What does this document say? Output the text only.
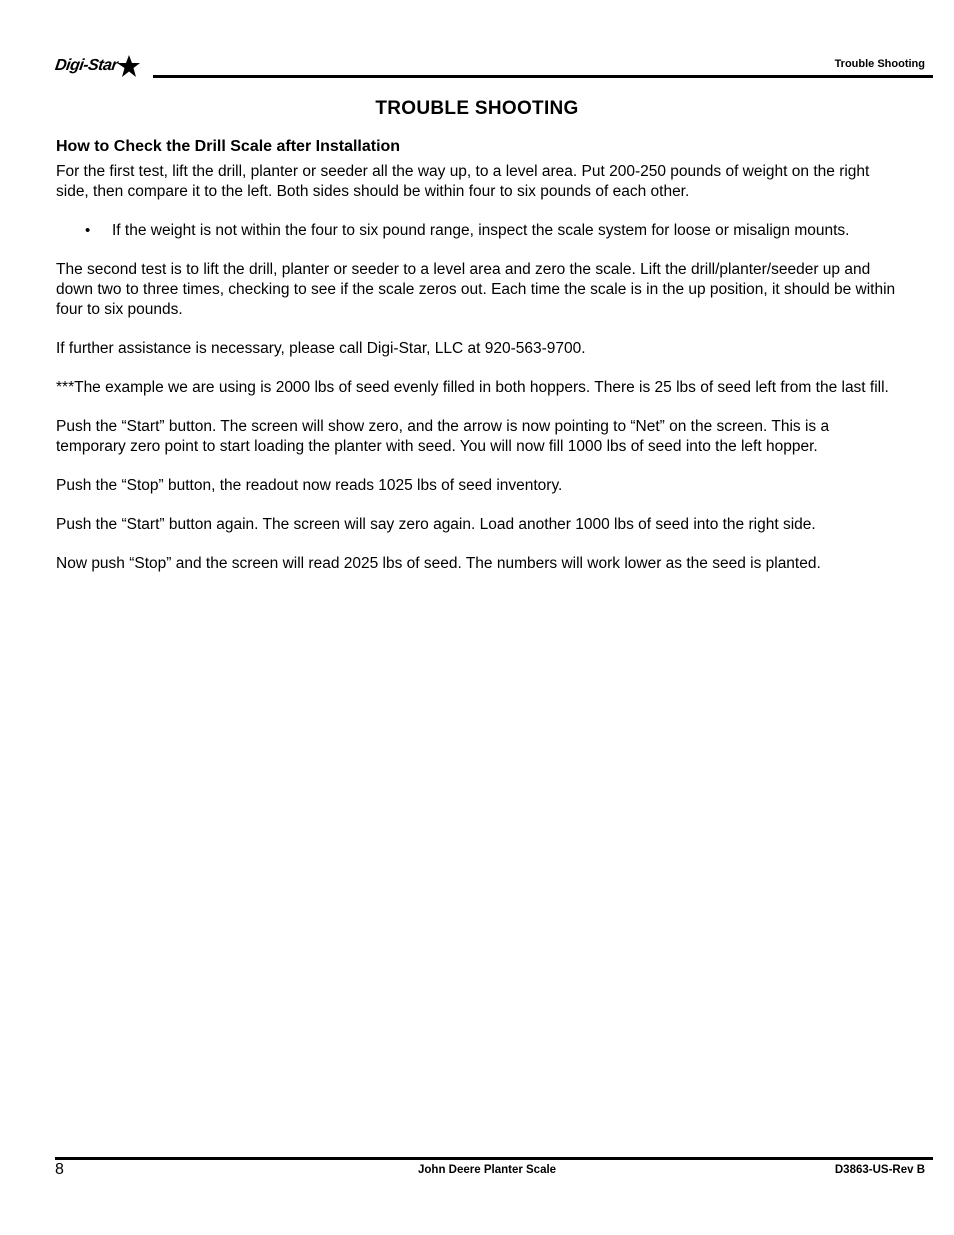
Digi-Star	Trouble Shooting
TROUBLE SHOOTING
How to Check the Drill Scale after Installation

For the first test, lift the drill, planter or seeder all the way up, to a level area. Put 200-250 pounds of weight on the right side, then compare it to the left. Both sides should be within four to six pounds of each other.

• If the weight is not within the four to six pound range, inspect the scale system for loose or misalign mounts.

The second test is to lift the drill, planter or seeder to a level area and zero the scale. Lift the drill/planter/seeder up and down two to three times, checking to see if the scale zeros out. Each time the scale is in the up position, it should be within four to six pounds.

If further assistance is necessary, please call Digi-Star, LLC at 920-563-9700.

***The example we are using is 2000 lbs of seed evenly filled in both hoppers. There is 25 lbs of seed left from the last fill.

Push the “Start” button. The screen will show zero, and the arrow is now pointing to “Net” on the screen. This is a temporary zero point to start loading the planter with seed. You will now fill 1000 lbs of seed into the left hopper.

Push the “Stop” button, the readout now reads 1025 lbs of seed inventory.

Push the “Start” button again. The screen will say zero again. Load another 1000 lbs of seed into the right side.

Now push “Stop” and the screen will read 2025 lbs of seed. The numbers will work lower as the seed is planted.

8	John Deere Planter Scale	D3863-US-Rev B
